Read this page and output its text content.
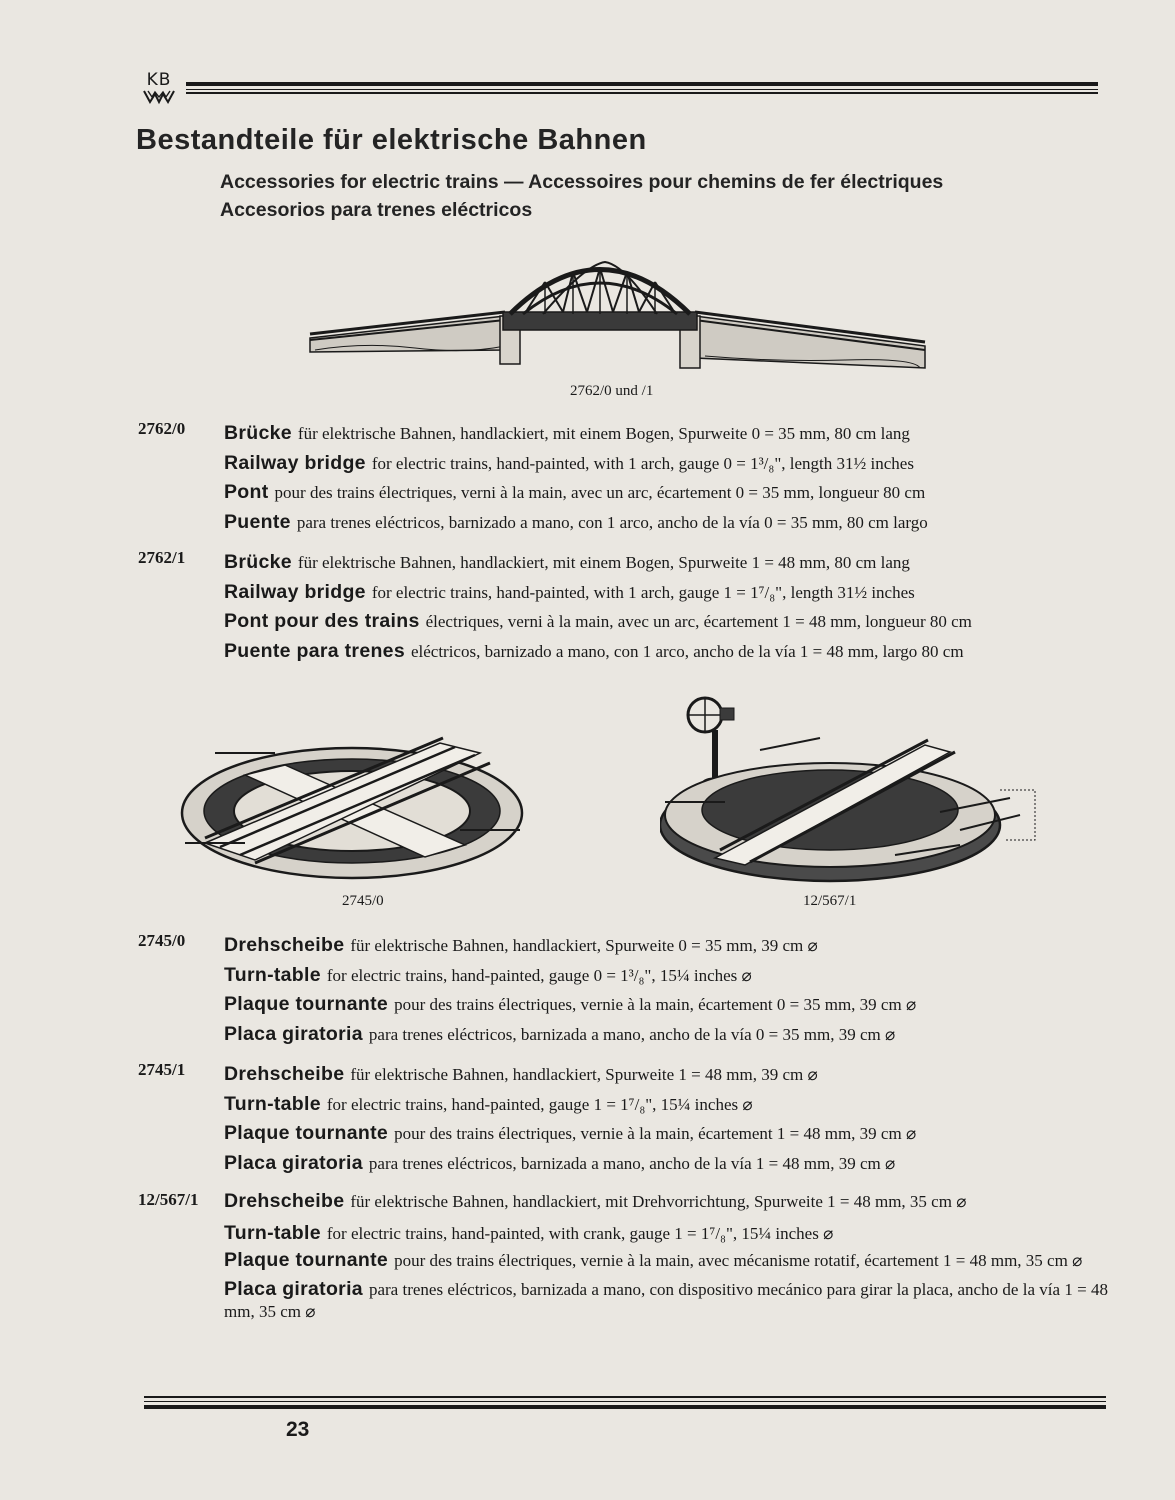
KB
Bestandteile für elektrische Bahnen

Accessories for electric trains — Accessoires pour chemins de fer électriques

Accesorios para trenes eléctricos

2762/0 und /1
2762/0 Brücke für elektrische Bahnen, handlackiert, mit einem Bogen, Spurweite 0 = 35 mm, 80 cm lang
Railway bridge for electric trains, hand-painted, with 1 arch, gauge 0 = 1³/₈", length 31½ inches
Pont pour des trains électriques, verni à la main, avec un arc, écartement 0 = 35 mm, longueur 80 cm
Puente para trenes eléctricos, barnizado a mano, con 1 arco, ancho de la vía 0 = 35 mm, 80 cm largo
2762/1 Brücke für elektrische Bahnen, handlackiert, mit einem Bogen, Spurweite 1 = 48 mm, 80 cm lang
Railway bridge for electric trains, hand-painted, with 1 arch, gauge 1 = 1⁷/₈", length 31½ inches
Pont pour des trains électriques, verni à la main, avec un arc, écartement 1 = 48 mm, longueur 80 cm
Puente para trenes eléctricos, barnizado a mano, con 1 arco, ancho de la vía 1 = 48 mm, largo 80 cm
2745/0	12/567/1
2745/0 Drehscheibe für elektrische Bahnen, handlackiert, Spurweite 0 = 35 mm, 39 cm ⌀
Turn-table for electric trains, hand-painted, gauge 0 = 1³/₈", 15¼ inches ⌀
Plaque tournante pour des trains électriques, vernie à la main, écartement 0 = 35 mm, 39 cm ⌀
Placa giratoria para trenes eléctricos, barnizada a mano, ancho de la vía 0 = 35 mm, 39 cm ⌀
2745/1 Drehscheibe für elektrische Bahnen, handlackiert, Spurweite 1 = 48 mm, 39 cm ⌀
Turn-table for electric trains, hand-painted, gauge 1 = 1⁷/₈", 15¼ inches ⌀
Plaque tournante pour des trains électriques, vernie à la main, écartement 1 = 48 mm, 39 cm ⌀
Placa giratoria para trenes eléctricos, barnizada a mano, ancho de la vía 1 = 48 mm, 39 cm ⌀
12/567/1 Drehscheibe für elektrische Bahnen, handlackiert, mit Drehvorrichtung, Spurweite 1 = 48 mm, 35 cm ⌀
Turn-table for electric trains, hand-painted, with crank, gauge 1 = 1⁷/₈", 15¼ inches ⌀
Plaque tournante pour des trains électriques, vernie à la main, avec mécanisme rotatif, écartement 1 = 48 mm, 35 cm ⌀
Placa giratoria para trenes eléctricos, barnizada a mano, con dispositivo mecánico para girar la placa, ancho de la vía 1 = 48 mm, 35 cm ⌀
23
